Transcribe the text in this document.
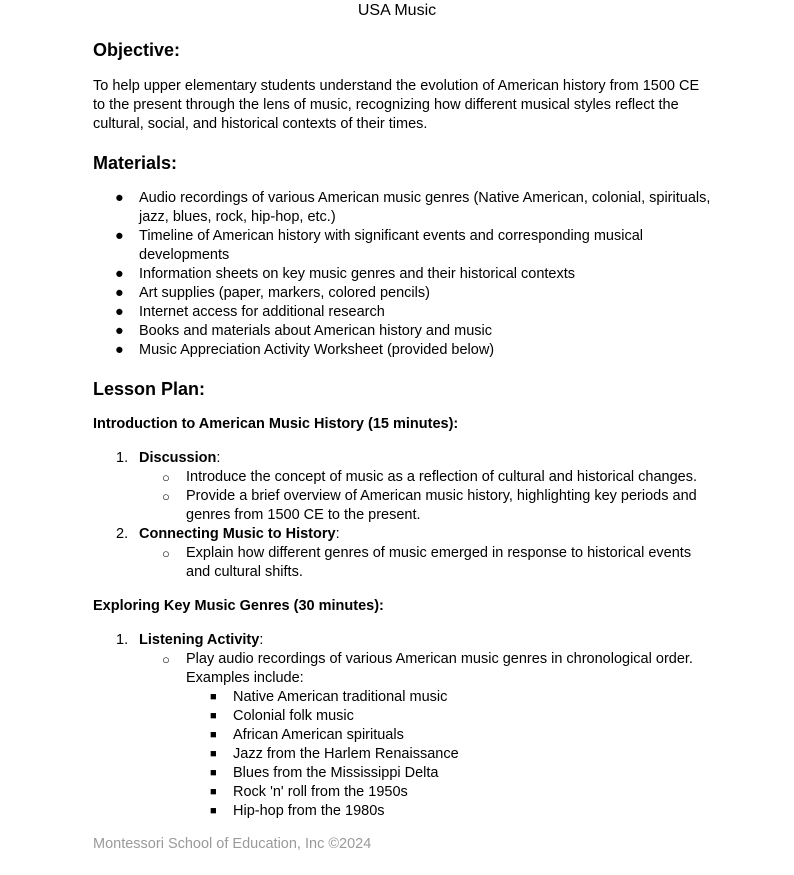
USA Music
Objective:

To help upper elementary students understand the evolution of American history from 1500 CE to the present through the lens of music, recognizing how different musical styles reflect the cultural, social, and historical contexts of their times.

Materials:
● Audio recordings of various American music genres (Native American, colonial, spirituals, jazz, blues, rock, hip-hop, etc.)
● Timeline of American history with significant events and corresponding musical developments
● Information sheets on key music genres and their historical contexts
● Art supplies (paper, markers, colored pencils)
● Internet access for additional research
● Books and materials about American history and music
● Music Appreciation Activity Worksheet (provided below)
Lesson Plan:

Introduction to American Music History (15 minutes):

1. Discussion:
○ Introduce the concept of music as a reflection of cultural and historical changes.
○ Provide a brief overview of American music history, highlighting key periods and genres from 1500 CE to the present.
2. Connecting Music to History:
○ Explain how different genres of music emerged in response to historical events and cultural shifts.

Exploring Key Music Genres (30 minutes):

1. Listening Activity:
○ Play audio recordings of various American music genres in chronological order. Examples include:
■ Native American traditional music
■ Colonial folk music
■ African American spirituals
■ Jazz from the Harlem Renaissance
■ Blues from the Mississippi Delta
■ Rock 'n' roll from the 1950s
■ Hip-hop from the 1980s
Montessori School of Education, Inc ©2024
